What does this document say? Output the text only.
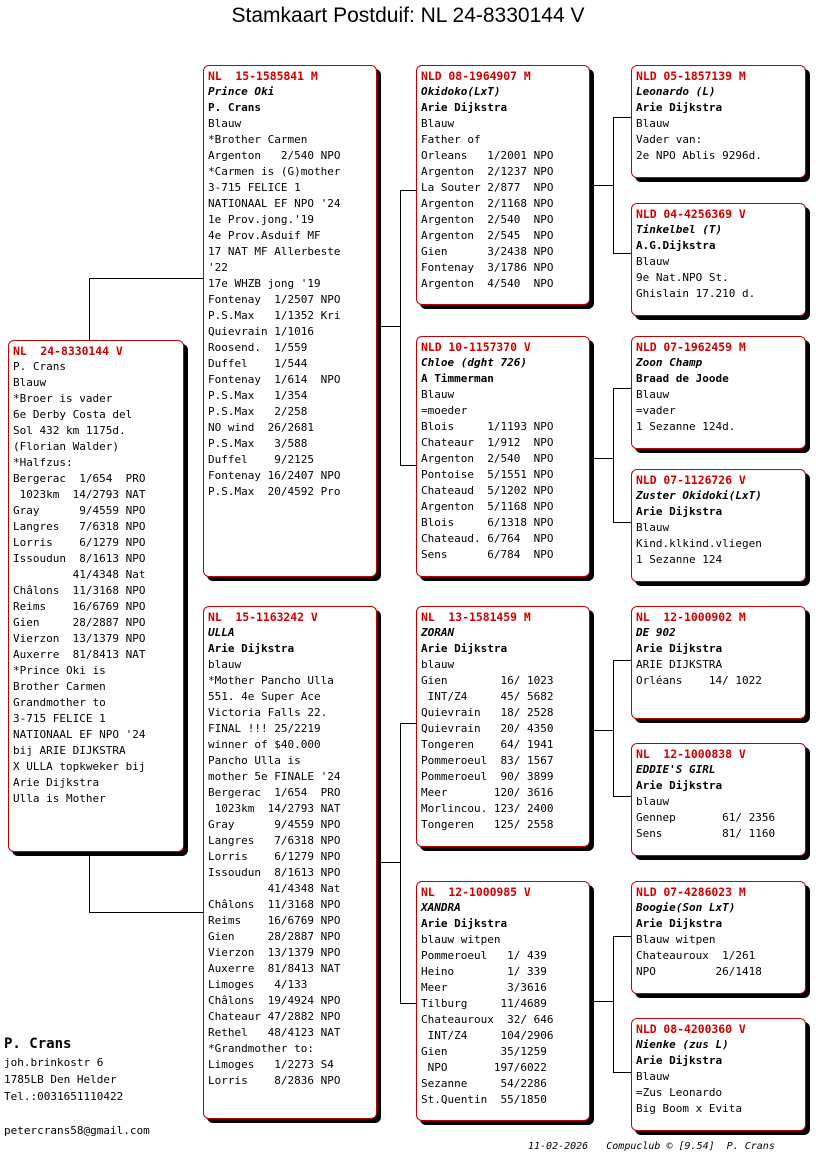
Stamkaart Postduif: NL 24-8330144 V
NL  24-8330144 V
P. Crans
Blauw
*Broer is vader
6e Derby Costa del
Sol 432 km 1175d.
(Florian Walder)
*Halfzus:
Bergerac  1/654  PRO
1023km  14/2793 NAT
Gray      9/4559 NPO
Langres   7/6318 NPO
Lorris    6/1279 NPO
Issoudun  8/1613 NPO
41/4348 Nat
Châlons  11/3168 NPO
Reims    16/6769 NPO
Gien     28/2887 NPO
Vierzon  13/1379 NPO
Auxerre  81/8413 NAT
*Prince Oki is
Brother Carmen
Grandmother to
3-715 FELICE 1
NATIONAAL EF NPO '24
bij ARIE DIJKSTRA
X ULLA topkweker bij
Arie Dijkstra
Ulla is Mother
NL  15-1585841 M
Prince Oki
P. Crans
Blauw
*Brother Carmen
Argenton   2/540 NPO
*Carmen is (G)mother
3-715 FELICE 1
NATIONAAL EF NPO '24
1e Prov.jong.'19
4e Prov.Asduif MF
17 NAT MF Allerbeste
'22
17e WHZB jong '19
Fontenay  1/2507 NPO
P.S.Max   1/1352 Kri
Quievrain 1/1016
Roosend.  1/559
Duffel    1/544
Fontenay  1/614  NPO
P.S.Max   1/354
P.S.Max   2/258
NO wind  26/2681
P.S.Max   3/588
Duffel    9/2125
Fontenay 16/2407 NPO
P.S.Max  20/4592 Pro
NL  15-1163242 V
ULLA
Arie Dijkstra
blauw
*Mother Pancho Ulla
551. 4e Super Ace
Victoria Falls 22.
FINAL !!! 25/2219
winner of $40.000
Pancho Ulla is
mother 5e FINALE '24
Bergerac  1/654  PRO
1023km  14/2793 NAT
Gray      9/4559 NPO
Langres   7/6318 NPO
Lorris    6/1279 NPO
Issoudun  8/1613 NPO
41/4348 Nat
Châlons  11/3168 NPO
Reims    16/6769 NPO
Gien     28/2887 NPO
Vierzon  13/1379 NPO
Auxerre  81/8413 NAT
Limoges   4/133
Châlons  19/4924 NPO
Chateaur 47/2882 NPO
Rethel   48/4123 NAT
*Grandmother to:
Limoges   1/2273 S4
Lorris    8/2836 NPO
NLD 08-1964907 M
Okidoko(LxT)
Arie Dijkstra
Blauw
Father of
Orleans   1/2001 NPO
Argenton  2/1237 NPO
La Souter 2/877  NPO
Argenton  2/1168 NPO
Argenton  2/540  NPO
Argenton  2/545  NPO
Gien      3/2438 NPO
Fontenay  3/1786 NPO
Argenton  4/540  NPO
NLD 10-1157370 V
Chloe (dght 726)
A Timmerman
Blauw
=moeder
Blois     1/1193 NPO
Chateaur  1/912  NPO
Argenton  2/540  NPO
Pontoise  5/1551 NPO
Chateaud  5/1202 NPO
Argenton  5/1168 NPO
Blois     6/1318 NPO
Chateaud. 6/764  NPO
Sens      6/784  NPO
NL  13-1581459 M
ZORAN
Arie Dijkstra
blauw
Gien        16/ 1023
INT/Z4     45/ 5682
Quievrain   18/ 2528
Quievrain   20/ 4350
Tongeren    64/ 1941
Pommeroeul  83/ 1567
Pommeroeul  90/ 3899
Meer       120/ 3616
Morlincou. 123/ 2400
Tongeren   125/ 2558
NL  12-1000985 V
XANDRA
Arie Dijkstra
blauw witpen
Pommeroeul   1/ 439
Heino        1/ 339
Meer         3/3616
Tilburg     11/4689
Chateauroux  32/ 646
INT/Z4     104/2906
Gien        35/1259
NPO       197/6022
Sezanne     54/2286
St.Quentin  55/1850
NLD 05-1857139 M
Leonardo (L)
Arie Dijkstra
Blauw
Vader van:
2e NPO Ablis 9296d.
NLD 04-4256369 V
Tinkelbel (T)
A.G.Dijkstra
Blauw
9e Nat.NPO St.
Ghislain 17.210 d.
NLD 07-1962459 M
Zoon Champ
Braad de Joode
Blauw
=vader
1 Sezanne 124d.
NLD 07-1126726 V
Zuster Okidoki(LxT)
Arie Dijkstra
Blauw
Kind.klkind.vliegen
1 Sezanne 124
NL  12-1000902 M
DE 902
Arie Dijkstra
ARIE DIJKSTRA
Orléans    14/ 1022
NL  12-1000838 V
EDDIE'S GIRL
Arie Dijkstra
blauw
Gennep       61/ 2356
Sens         81/ 1160
NLD 07-4286023 M
Boogie(Son LxT)
Arie Dijkstra
Blauw witpen
Chateauroux  1/261
NPO         26/1418
NLD 08-4200360 V
Nienke (zus L)
Arie Dijkstra
Blauw
=Zus Leonardo
Big Boom x Evita
P. Crans
joh.brinkostr 6
1785LB Den Helder
Tel.:0031651110422
petercrans58@gmail.com
11-02-2026   Compuclub © [9.54]  P. Crans
